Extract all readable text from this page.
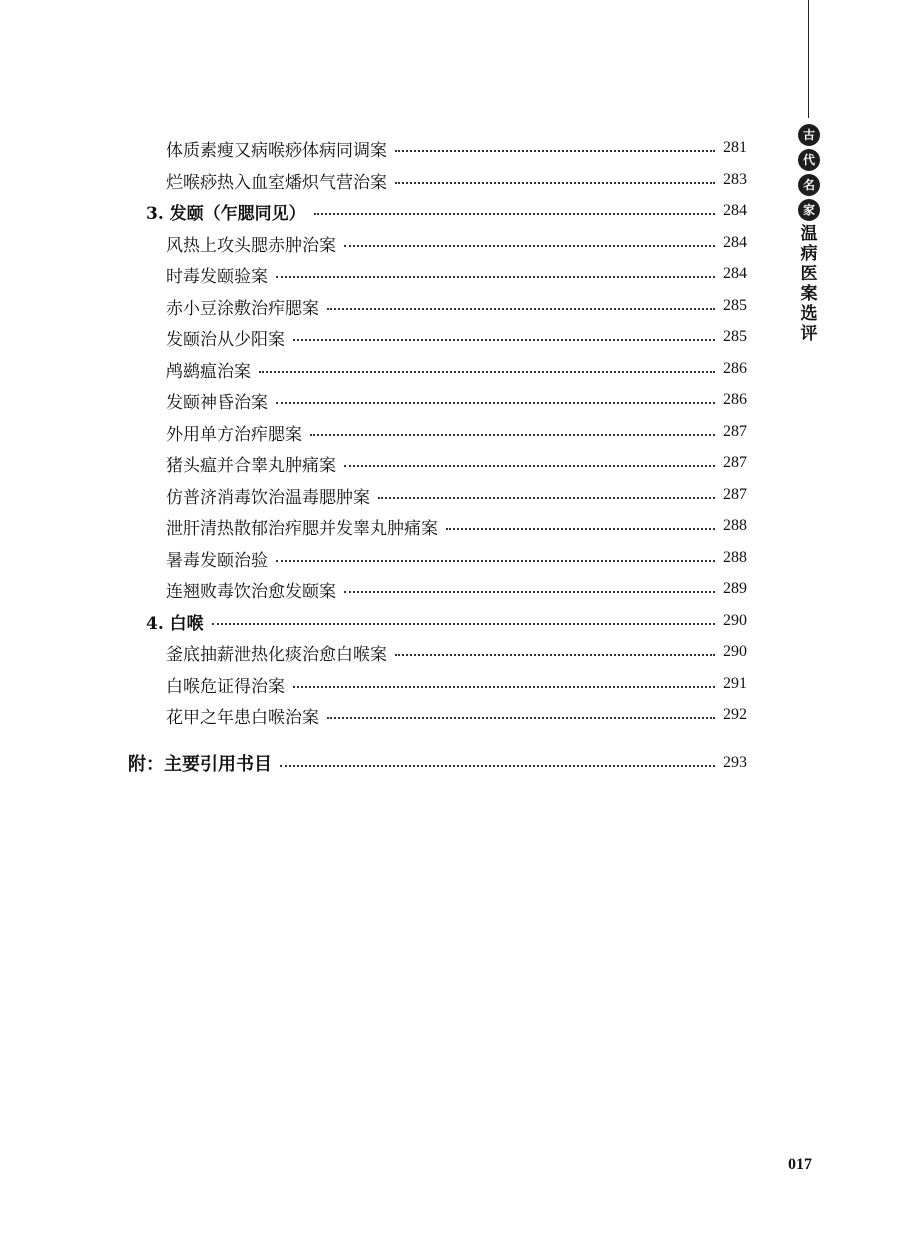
古
代
名
家
温
病
医
案
选
评
体质素瘦又病喉痧体病同调案	281
烂喉痧热入血室燔炽气营治案	283
3. 发颐（乍腮同见）	284
风热上攻头腮赤肿治案	284
时毒发颐验案	284
赤小豆涂敷治痄腮案	285
发颐治从少阳案	285
鸬鹚瘟治案	286
发颐神昏治案	286
外用单方治痄腮案	287
猪头瘟并合睾丸肿痛案	287
仿普济消毒饮治温毒腮肿案	287
泄肝清热散郁治痄腮并发睾丸肿痛案	288
暑毒发颐治验	288
连翘败毒饮治愈发颐案	289
4. 白喉	290
釜底抽薪泄热化痰治愈白喉案	290
白喉危证得治案	291
花甲之年患白喉治案	292
附：主要引用书目	293
017
